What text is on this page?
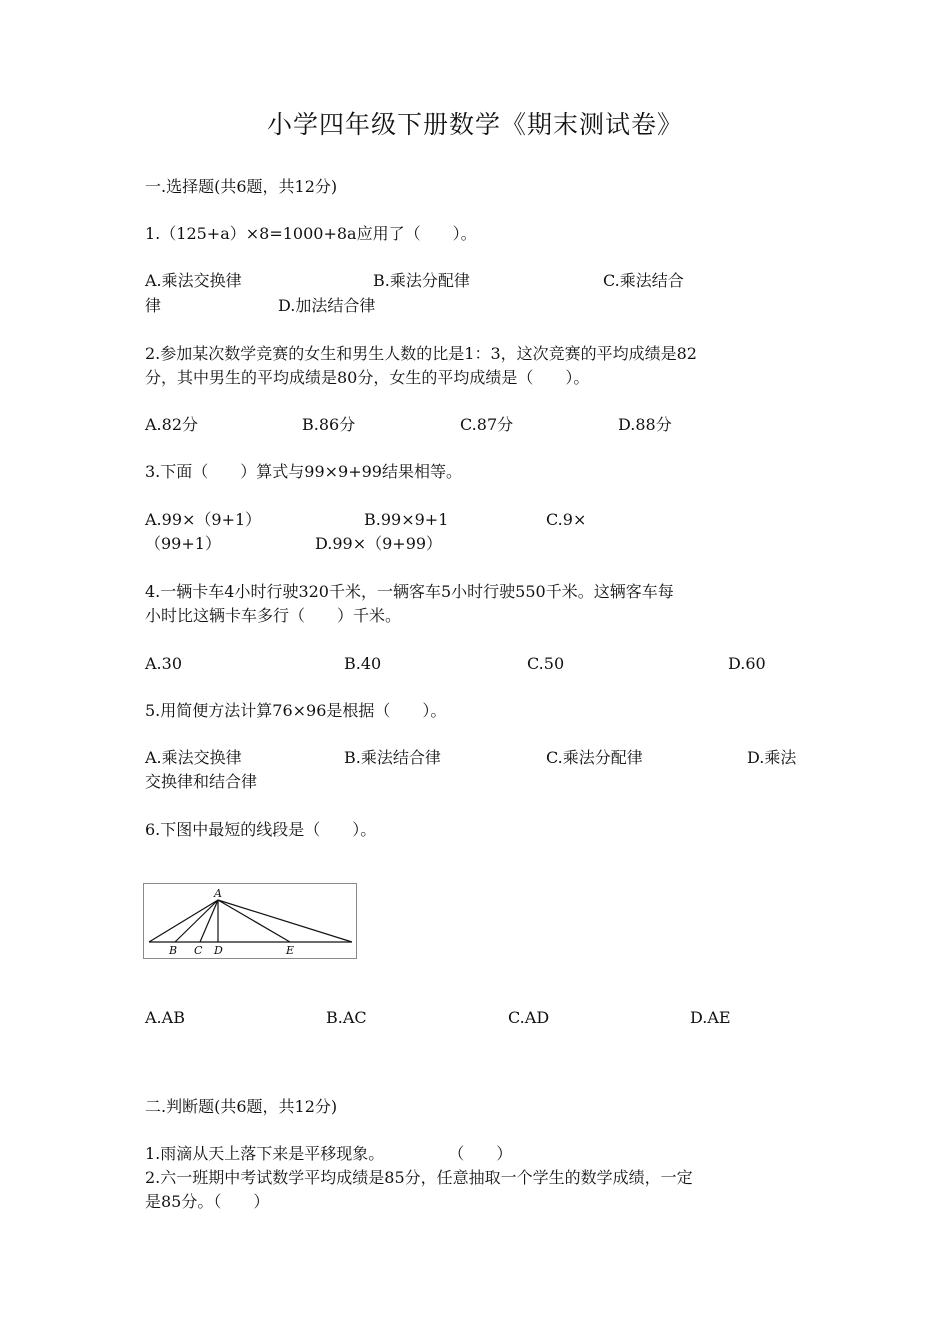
小学四年级下册数学《期末测试卷》
一.选择题(共6题，共12分)
1.（125+a）×8=1000+8a应用了（　　）。
A.乘法交换律	B.乘法分配律	C.乘法结合
律	D.加法结合律
2.参加某次数学竞赛的女生和男生人数的比是1：3，这次竞赛的平均成绩是82
分，其中男生的平均成绩是80分，女生的平均成绩是（　　）。
A.82分	B.86分	C.87分	D.88分
3.下面（　　）算式与99×9+99结果相等。
A.99×（9+1）	B.99×9+1	C.9×
（99+1）	D.99×（9+99）
4.一辆卡车4小时行驶320千米，一辆客车5小时行驶550千米。这辆客车每
小时比这辆卡车多行（　　）千米。
A.30	B.40	C.50	D.60
5.用简便方法计算76×96是根据（　　）。
A.乘法交换律	B.乘法结合律	C.乘法分配律	D.乘法
交换律和结合律
6.下图中最短的线段是（　　）。
A
B C D	E
A.AB	B.AC	C.AD	D.AE
二.判断题(共6题，共12分)
1.雨滴从天上落下来是平移现象。　　　　　（　　）
2.六一班期中考试数学平均成绩是85分，任意抽取一个学生的数学成绩，一定
是85分。（　　）
